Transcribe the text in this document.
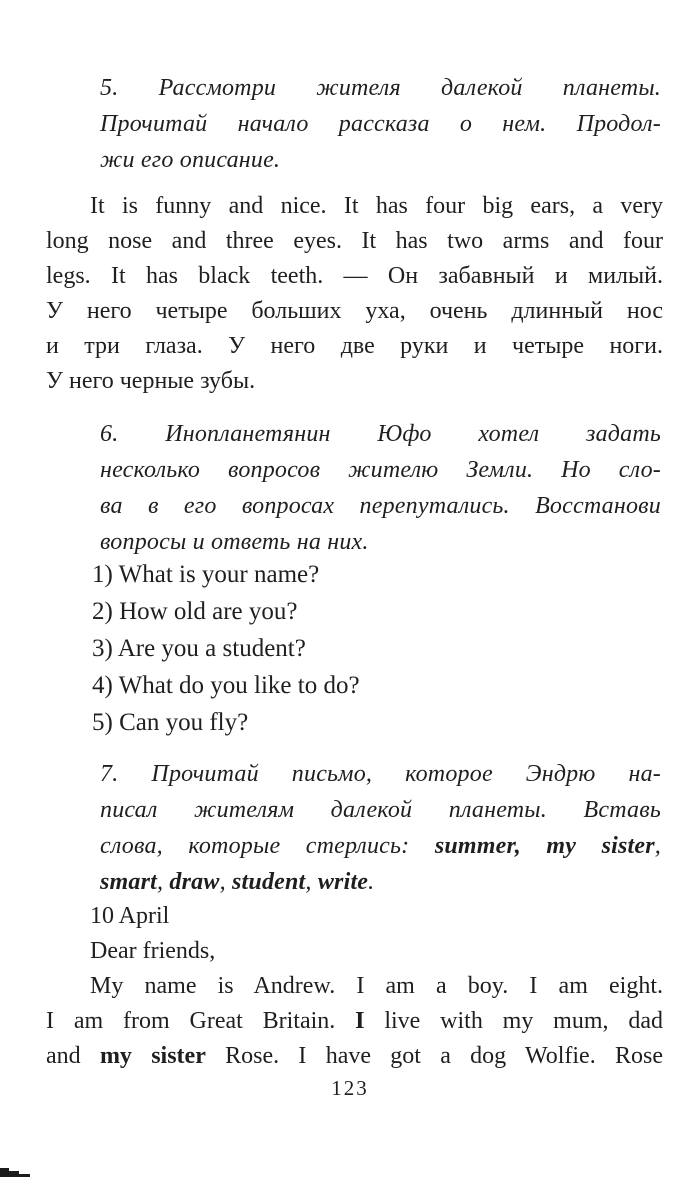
5. Рассмотри жителя далекой планеты.
Прочитай начало рассказа о нем. Продол-
жи его описание.
It is funny and nice. It has four big ears, a very
long nose and three eyes. It has two arms and four
legs. It has black teeth. — Он забавный и милый.
У него четыре больших уха, очень длинный нос
и три глаза. У него две руки и четыре ноги.
У него черные зубы.
6. Инопланетянин Юфо хотел задать
несколько вопросов жителю Земли. Но сло-
ва в его вопросах перепутались. Восстанови
вопросы и ответь на них.
1) What is your name?
2) How old are you?
3) Are you a student?
4) What do you like to do?
5) Can you fly?
7. Прочитай письмо, которое Эндрю на-
писал жителям далекой планеты. Вставь
слова, которые стерлись: summer, my sister,
smart, draw, student, write.
10 April
Dear friends,
My name is Andrew. I am a boy. I am eight.
I am from Great Britain. I live with my mum, dad
and my sister Rose. I have got a dog Wolfie. Rose
123
